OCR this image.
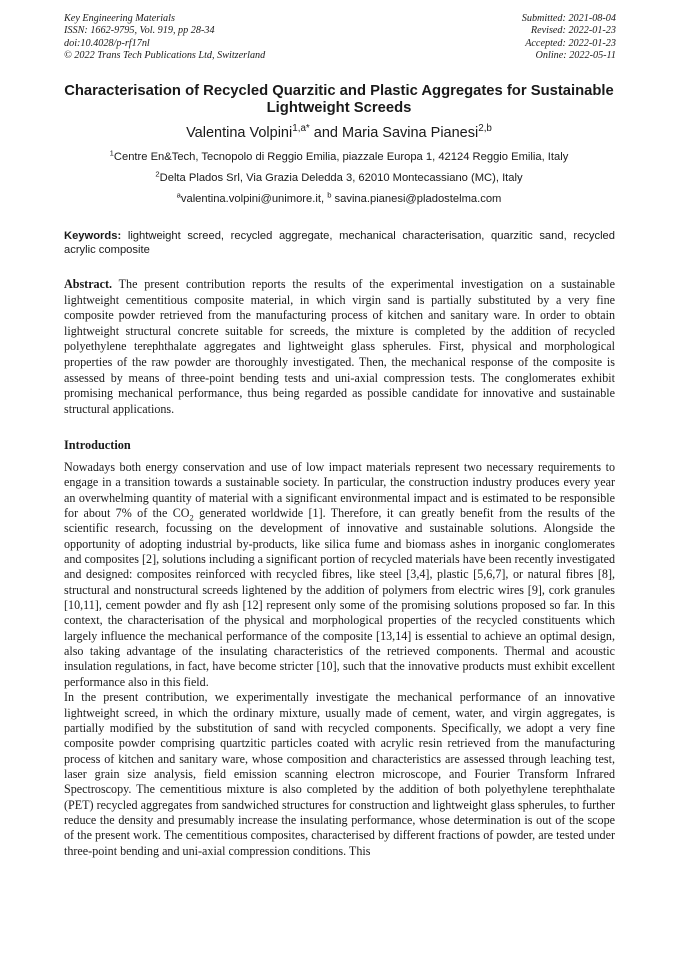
Key Engineering Materials
ISSN: 1662-9795, Vol. 919, pp 28-34
doi:10.4028/p-rf17nl
© 2022 Trans Tech Publications Ltd, Switzerland
Submitted: 2021-08-04
Revised: 2022-01-23
Accepted: 2022-01-23
Online: 2022-05-11
Characterisation of Recycled Quarzitic and Plastic Aggregates for Sustainable Lightweight Screeds
Valentina Volpini$^{1,a*}$ and Maria Savina Pianesi$^{2,b}$
$^1$Centre En&Tech, Tecnopolo di Reggio Emilia, piazzale Europa 1, 42124 Reggio Emilia, Italy
$^2$Delta Plados Srl, Via Grazia Deledda 3, 62010 Montecassiano (MC), Italy
$^a$valentina.volpini@unimore.it, $^b$ savina.pianesi@pladostelma.com
Keywords: lightweight screed, recycled aggregate, mechanical characterisation, quarzitic sand, recycled acrylic composite
Abstract. The present contribution reports the results of the experimental investigation on a sustainable lightweight cementitious composite material, in which virgin sand is partially substituted by a very fine composite powder retrieved from the manufacturing process of kitchen and sanitary ware. In order to obtain lightweight structural concrete suitable for screeds, the mixture is completed by the addition of recycled polyethylene terephthalate aggregates and lightweight glass spherules. First, physical and morphological properties of the raw powder are thoroughly investigated. Then, the mechanical response of the composite is assessed by means of three-point bending tests and uni-axial compression tests. The conglomerates exhibit promising mechanical performance, thus being regarded as possible candidate for innovative and sustainable structural applications.
Introduction

Nowadays both energy conservation and use of low impact materials represent two necessary requirements to engage in a transition towards a sustainable society. In particular, the construction industry produces every year an overwhelming quantity of material with a significant environmental impact and is estimated to be responsible for about 7% of the $CO_2$ generated worldwide [1]. Therefore, it can greatly benefit from the results of the scientific research, focussing on the development of innovative and sustainable solutions. Alongside the opportunity of adopting industrial by-products, like silica fume and biomass ashes in inorganic conglomerates and composites [2], solutions including a significant portion of recycled materials have been recently investigated and designed: composites reinforced with recycled fibres, like steel [3,4], plastic [5,6,7], or natural fibres [8], structural and nonstructural screeds lightened by the addition of polymers from electric wires [9], cork granules [10,11], cement powder and fly ash [12] represent only some of the promising solutions proposed so far. In this context, the characterisation of the physical and morphological properties of the recycled constituents which largely influence the mechanical performance of the composite [13,14] is essential to achieve an optimal design, also taking advantage of the insulating characteristics of the retrieved components. Thermal and acoustic insulation regulations, in fact, have become stricter [10], such that the innovative products must exhibit excellent performance also in this field.

In the present contribution, we experimentally investigate the mechanical performance of an innovative lightweight screed, in which the ordinary mixture, usually made of cement, water, and virgin aggregates, is partially modified by the substitution of sand with recycled components. Specifically, we adopt a very fine composite powder comprising quartzitic particles coated with acrylic resin retrieved from the manufacturing process of kitchen and sanitary ware, whose composition and characteristics are assessed through leaching test, laser grain size analysis, field emission scanning electron microscope, and Fourier Transform Infrared Spectroscopy. The cementitious mixture is also completed by the addition of both polyethylene terephthalate (PET) recycled aggregates from sandwiched structures for construction and lightweight glass spherules, to further reduce the density and presumably increase the insulating performance, whose determination is out of the scope of the present work. The cementitious composites, characterised by different fractions of powder, are tested under three-point bending and uni-axial compression conditions. This
